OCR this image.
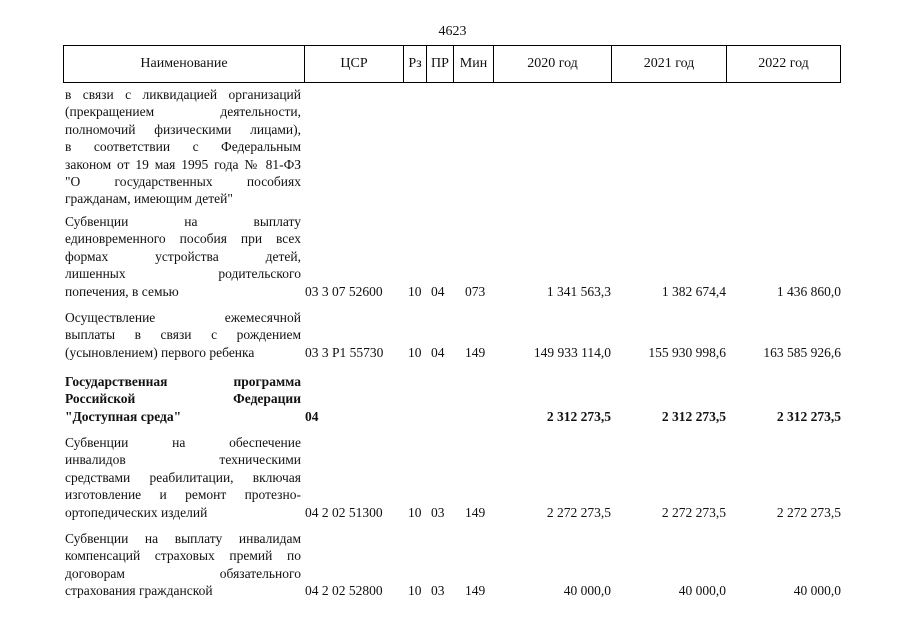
4623
Наименование	ЦСР	Рз ПР Мин	2020 год	2021 год	2022 год
в связи с ликвидацией организаций
(прекращением деятельности,
полномочий физическими лицами),
в соответствии с Федеральным
законом от 19 мая 1995 года № 81-ФЗ
"О государственных пособиях
гражданам, имеющим детей"
Субвенции на выплату
единовременного пособия при всех
формах устройства детей,
лишенных родительского
попечения, в семью	03 3 07 52600 10 04 073	1 341 563,3	1 382 674,4	1 436 860,0
Осуществление ежемесячной
выплаты в связи с рождением
(усыновлением) первого ребенка	03 3 P1 55730 10 04 149	149 933 114,0	155 930 998,6	163 585 926,6
Государственная программа
Российской Федерации
"Доступная среда"	04	2 312 273,5	2 312 273,5	2 312 273,5
Субвенции на обеспечение
инвалидов техническими
средствами реабилитации, включая
изготовление и ремонт протезно-
ортопедических изделий	04 2 02 51300 10 03 149	2 272 273,5	2 272 273,5	2 272 273,5
Субвенции на выплату инвалидам
компенсаций страховых премий по
договорам обязательного
страхования гражданской	04 2 02 52800 10 03 149	40 000,0	40 000,0	40 000,0
